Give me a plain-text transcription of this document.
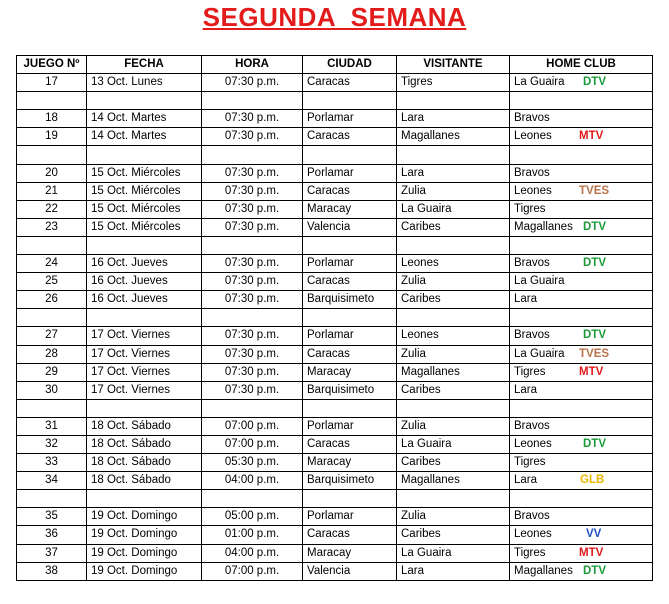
SEGUNDA  SEMANA
JUEGO Nº	FECHA	HORA	CIUDAD	VISITANTE	HOME CLUB
17	13 Oct. Lunes	07:30 p.m.	Caracas	Tigres	La Guaira DTV

18	14 Oct. Martes	07:30 p.m.	Porlamar	Lara	Bravos
19	14 Oct. Martes	07:30 p.m.	Caracas	Magallanes	Leones MTV

20	15 Oct. Miércoles	07:30 p.m.	Porlamar	Lara	Bravos
21	15 Oct. Miércoles	07:30 p.m.	Caracas	Zulia	Leones TVES

22	15 Oct. Miércoles	07:30 p.m.	Maracay	La Guaira	Tigres
23	15 Oct. Miércoles	07:30 p.m.	Valencia	Caribes	Magallanes DTV

24	16 Oct. Jueves	07:30 p.m.	Porlamar	Leones	Bravos DTV

25	16 Oct. Jueves	07:30 p.m.	Caracas	Zulia	La Guaira
26	16 Oct. Jueves	07:30 p.m.	Barquisimeto	Caribes	Lara

27	17 Oct. Viernes	07:30 p.m.	Porlamar	Leones	Bravos DTV

28	17 Oct. Viernes	07:30 p.m.	Caracas	Zulia	La Guaira TVES

29	17 Oct. Viernes	07:30 p.m.	Maracay	Magallanes	Tigres MTV

30	17 Oct. Viernes	07:30 p.m.	Barquisimeto	Caribes	Lara

31	18 Oct. Sábado	07:00 p.m.	Porlamar	Zulia	Bravos
32	18 Oct. Sábado	07:00 p.m.	Caracas	La Guaira	Leones DTV

33	18 Oct. Sábado	05:30 p.m.	Maracay	Caribes	Tigres
34	18 Oct. Sábado	04:00 p.m.	Barquisimeto	Magallanes	Lara GLB

35	19 Oct. Domingo	05:00 p.m.	Porlamar	Zulia	Bravos
36	19 Oct. Domingo	01:00 p.m.	Caracas	Caribes	Leones VV

37	19 Oct. Domingo	04:00 p.m.	Maracay	La Guaira	Tigres MTV

38	19 Oct. Domingo	07:00 p.m.	Valencia	Lara	Magallanes DTV
